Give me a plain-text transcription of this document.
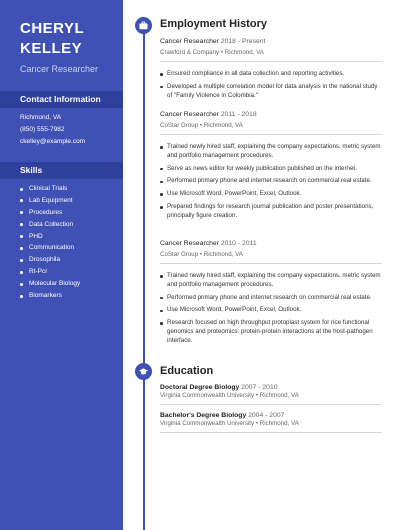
CHERYL
KELLEY
Cancer Researcher
Contact Information
Richmond, VA
(850) 555-7982
ckelley@example.com
Skills
Clinical Trials
Lab Equipment
Procedures
Data Collection
PHD
Communication
Drosophila
Rt-Pcr
Molecular Biology
Biomarkers
Employment History
Cancer Researcher 2018 - Present
Crawford & Company • Richmond, VA
Ensured compliance in all data collection and reporting activities.
Developed a multiple correlation model for data analysis in the national study of "Family Violence in Colombia."
Cancer Researcher 2011 - 2018
CoStar Group • Richmond, VA
Trained newly hired staff, explaining the company expectations, metric system and portfolio management procedures.
Serve as news editor for weekly publication published on the internet.
Performed primary phone and internet research on commercial real estate.
Use Microsoft Word, PowerPoint, Excel, Outlook.
Prepared findings for research journal publication and poster presentations, principally figure creation.
Cancer Researcher 2010 - 2011
CoStar Group • Richmond, VA
Trained newly hired staff, explaining the company expectations, metric system and portfolio management procedures.
Performed primary phone and internet research on commercial real estate.
Use Microsoft Word, PowerPoint, Excel, Outlook.
Research focused on high throughput protoplast system for rice functional genomics and proteomics: protein-protein interactions at the host-pathogen interface.
Education
Doctoral Degree Biology 2007 - 2010
Virginia Commonwealth University • Richmond, VA
Bachelor's Degree Biology 2004 - 2007
Virginia Commonwealth University • Richmond, VA
